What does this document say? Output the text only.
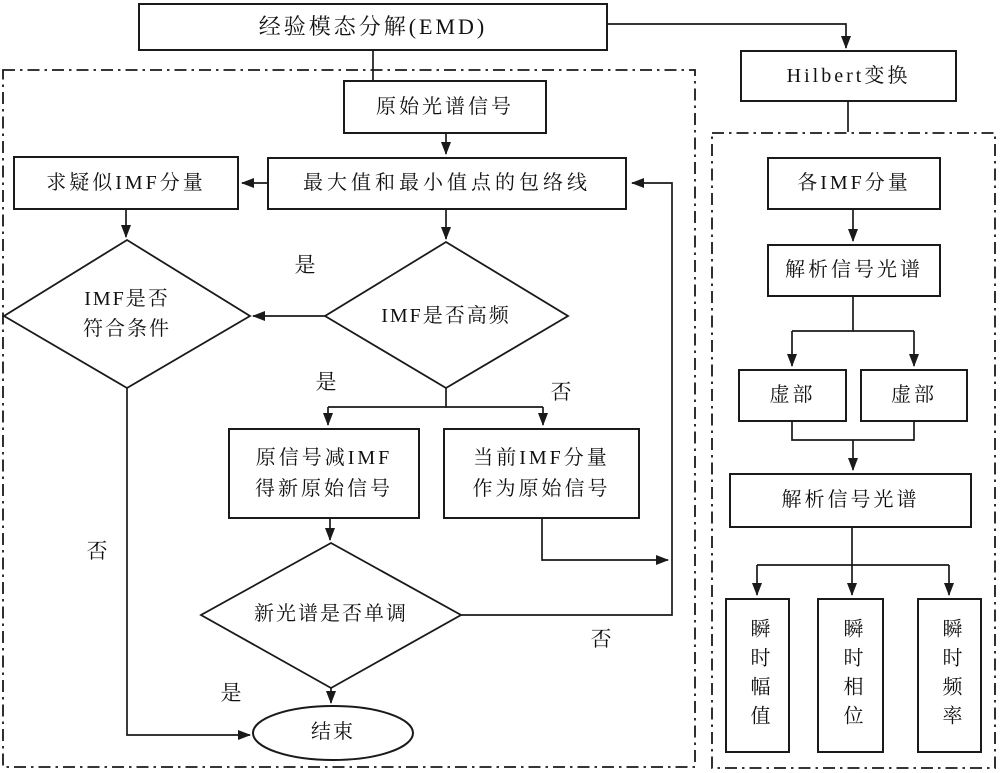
经验模态分解(EMD)
Hilbert变换
原始光谱信号
求疑似IMF分量	最大值和最小值点的包络线
原信号减IMF
得新原始信号
当前IMF分量
作为原始信号
各IMF分量
解析信号光谱
虚部	虚部
解析信号光谱
瞬时幅值	瞬时相位	瞬时频率
IMF是否
符合条件
IMF是否高频
新光谱是否单调
结束
是
是	否
否
是
否
